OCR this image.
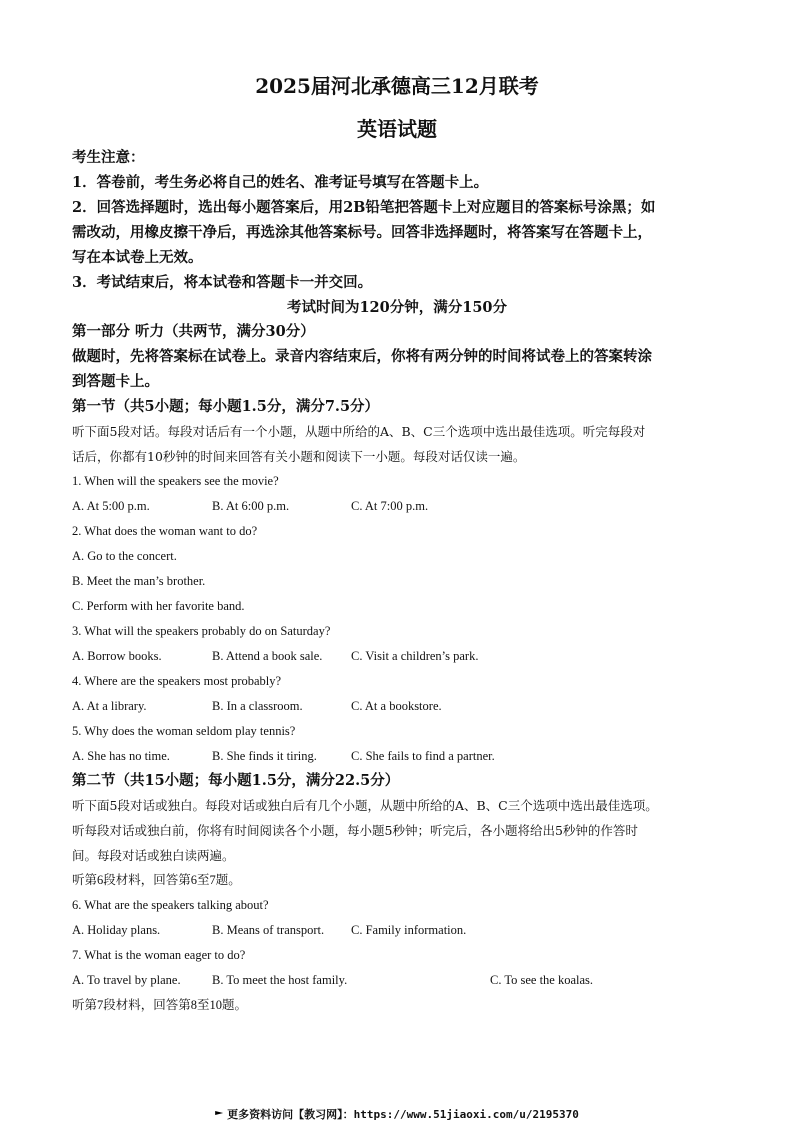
2025届河北承德高三12月联考
英语试题
考生注意：
1．答卷前，考生务必将自己的姓名、准考证号填写在答题卡上。
2．回答选择题时，选出每小题答案后，用2B铅笔把答题卡上对应题目的答案标号涂黑；如
需改动，用橡皮擦干净后，再选涂其他答案标号。回答非选择题时，将答案写在答题卡上，
写在本试卷上无效。
3．考试结束后，将本试卷和答题卡一并交回。
考试时间为120分钟，满分150分
第一部分 听力（共两节，满分30分）
做题时，先将答案标在试卷上。录音内容结束后，你将有两分钟的时间将试卷上的答案转涂
到答题卡上。
第一节（共5小题；每小题1.5分，满分7.5分）
听下面5段对话。每段对话后有一个小题，从题中所给的A、B、C三个选项中选出最佳选项。听完每段对
话后，你都有10秒钟的时间来回答有关小题和阅读下一小题。每段对话仅读一遍。
1. When will the speakers see the movie?
A. At 5:00 p.m.	B. At 6:00 p.m.	C. At 7:00 p.m.
2. What does the woman want to do?
A. Go to the concert.
B. Meet the man’s brother.
C. Perform with her favorite band.
3. What will the speakers probably do on Saturday?
A. Borrow books.	B. Attend a book sale. C. Visit a children’s park.
4. Where are the speakers most probably?
A. At a library.	B. In a classroom.	C. At a bookstore.
5. Why does the woman seldom play tennis?
A. She has no time.	B. She finds it tiring.	C. She fails to find a partner.
第二节（共15小题；每小题1.5分，满分22.5分）
听下面5段对话或独白。每段对话或独白后有几个小题，从题中所给的A、B、C三个选项中选出最佳选项。
听每段对话或独白前，你将有时间阅读各个小题，每小题5秒钟；听完后，各小题将给出5秒钟的作答时
间。每段对话或独白读两遍。
听第6段材料，回答第6至7题。
6. What are the speakers talking about?
A. Holiday plans.	B. Means of transport. C. Family information.
7. What is the woman eager to do?
A. To travel by plane.	B. To meet the host family.	C. To see the koalas.
听第7段材料，回答第8至10题。
更多资料访问【教习网】：https://www.51jiaoxi.com/u/2195370
